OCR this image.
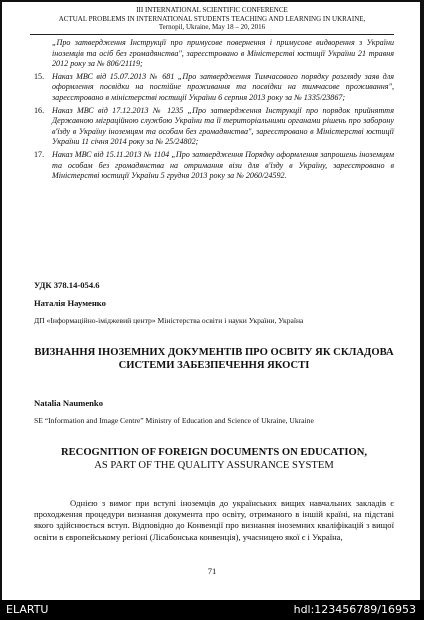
III INTERNATIONAL SCIENTIFIC CONFERENCE
ACTUAL PROBLEMS IN INTERNATIONAL STUDENTS TEACHING AND LEARNING IN UKRAINE,
Ternopil, Ukraine, May 18 – 20, 2016

„Про затвердження Інструкції про примусове повернення і примусове видворення з України іноземців та осіб без громадянства", зареєстровано в Міністерстві юстиції України 21 травня 2012 року за № 806/21119;

15. Наказ МВС від 15.07.2013 № 681 „Про затвердження Тимчасового порядку розгляду заяв для оформлення посвідки на постійне проживання та посвідки на тимчасове проживання", зареєстровано в міністерстві юстиції України 6 серпня 2013 року за № 1335/23867;

16. Наказ МВС від 17.12.2013 № 1235 „Про затвердження Інструкції про порядок прийняття Державною міграційною службою України та її територіальними органами рішень про заборону в'їзду в Україну іноземцям та особам без громадянства", зареєстровано в Міністерстві юстиції України 11 січня 2014 року за № 25/24802;

17. Наказ МВС від 15.11.2013 № 1104 „Про затвердження Порядку оформлення запрошень іноземцям та особам без громадянства на отримання візи для в'їзду в Україну, зареєстровано в Міністерстві юстиції України 5 грудня 2013 року за № 2060/24592.

УДК 378.14-054.6
Наталія Науменко
ДП «Інформаційно-іміджевий центр» Міністерства освіти і науки України, Україна
ВИЗНАННЯ ІНОЗЕМНИХ ДОКУМЕНТІВ ПРО ОСВІТУ ЯК СКЛАДОВА СИСТЕМИ ЗАБЕЗПЕЧЕННЯ ЯКОСТІ
Natalia Naumenko
SE “Information and Image Centre” Ministry of Education and Science of Ukraine, Ukraine
RECOGNITION OF FOREIGN DOCUMENTS ON EDUCATION,
AS PART OF THE QUALITY ASSURANCE SYSTEM
Однією з вимог при вступі іноземців до українських вищих навчальних закладів є проходження процедури визнання документа про освіту, отриманого в іншій країні, на підставі якого здійснюється вступ. Відповідно до Конвенції про визнання іноземних кваліфікацій з вищої освіти в європейському регіоні (Лісабонська конвенція), учасницею якої є і Україна,
71
ELARTU	hdl:123456789/16953
